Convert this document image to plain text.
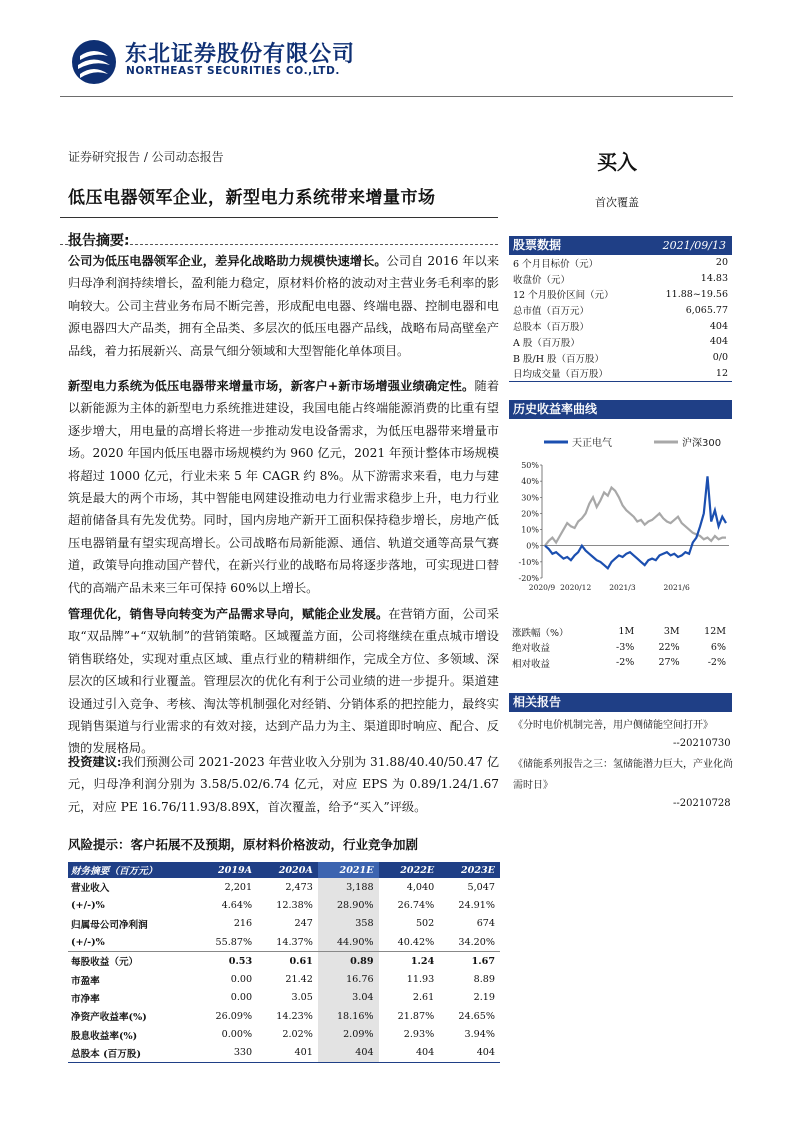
东北证券股份有限公司
NORTHEAST SECURITIES CO.,LTD.
证券研究报告 / 公司动态报告	买入
首次覆盖
低压电器领军企业，新型电力系统带来增量市场
报告摘要:
公司为低压电器领军企业，差异化战略助力规模快速增长。公司自 2016 年以来归母净利润持续增长，盈利能力稳定，原材料价格的波动对主营业务毛利率的影响较大。公司主营业务布局不断完善，形成配电电器、终端电器、控制电器和电源电器四大产品类，拥有全品类、多层次的低压电器产品线，战略布局高壁垒产品线，着力拓展新兴、高景气细分领域和大型智能化单体项目。
新型电力系统为低压电器带来增量市场，新客户+新市场增强业绩确定性。随着以新能源为主体的新型电力系统推进建设，我国电能占终端能源消费的比重有望逐步增大，用电量的高增长将进一步推动发电设备需求，为低压电器带来增量市场。2020 年国内低压电器市场规模约为 960 亿元，2021 年预计整体市场规模将超过 1000 亿元，行业未来 5 年 CAGR 约 8%。从下游需求来看，电力与建筑是最大的两个市场，其中智能电网建设推动电力行业需求稳步上升，电力行业超前储备具有先发优势。同时，国内房地产新开工面积保持稳步增长，房地产低压电器销量有望实现高增长。公司战略布局新能源、通信、轨道交通等高景气赛道，政策导向推动国产替代，在新兴行业的战略布局将逐步落地，可实现进口替代的高端产品未来三年可保持 60%以上增长。
管理优化，销售导向转变为产品需求导向，赋能企业发展。在营销方面，公司采取“双品牌”+“双轨制”的营销策略。区域覆盖方面，公司将继续在重点城市增设销售联络处，实现对重点区域、重点行业的精耕细作，完成全方位、多领域、深层次的区域和行业覆盖。管理层次的优化有利于公司业绩的进一步提升。渠道建设通过引入竞争、考核、淘汰等机制强化对经销、分销体系的把控能力，最终实现销售渠道与行业需求的有效对接，达到产品力为主、渠道即时响应、配合、反馈的发展格局。
投资建议:我们预测公司 2021-2023 年营业收入分别为 31.88/40.40/50.47 亿元，归母净利润分别为 3.58/5.02/6.74 亿元，对应 EPS 为 0.89/1.24/1.67 元，对应 PE 16.76/11.93/8.89X，首次覆盖，给予“买入”评级。
风险提示：客户拓展不及预期，原材料价格波动，行业竞争加剧
财务摘要（百万元）	2019A	2020A	2021E	2022E	2023E
营业收入	2,201	2,473	3,188	4,040	5,047
(+/-)%	4.64%	12.38%	28.90%	26.74%	24.91%
归属母公司净利润	216	247	358	502	674
(+/-)%	55.87%	14.37%	44.90%	40.42%	34.20%
每股收益（元）	0.53	0.61	0.89	1.24	1.67
市盈率	0.00	21.42	16.76	11.93	8.89
市净率	0.00	3.05	3.04	2.61	2.19
净资产收益率(%)	26.09%	14.23%	18.16%	21.87%	24.65%
股息收益率(%)	0.00%	2.02%	2.09%	2.93%	3.94%
总股本 (百万股)	330	401	404	404	404
股票数据	2021/09/13
6 个月目标价（元）	20
收盘价（元）	14.83
12 个月股价区间（元）	11.88~19.56
总市值（百万元）	6,065.77
总股本（百万股）	404
A 股（百万股）	404
B 股/H 股（百万股）	0/0
日均成交量（百万股）	12
历史收益率曲线
天正电气	沪深300
50%
40%
30%
20%
10%
0%
-10%
-20%
2020/9 2020/12 2021/3	2021/6
涨跌幅（%）	1M	3M	12M
绝对收益	-3%	22%	6%
相对收益	-2%	27%	-2%
相关报告
《分时电价机制完善，用户侧储能空间打开》
--20210730
《储能系列报告之三：氢储能潜力巨大，产业化尚需时日》
--20210728
